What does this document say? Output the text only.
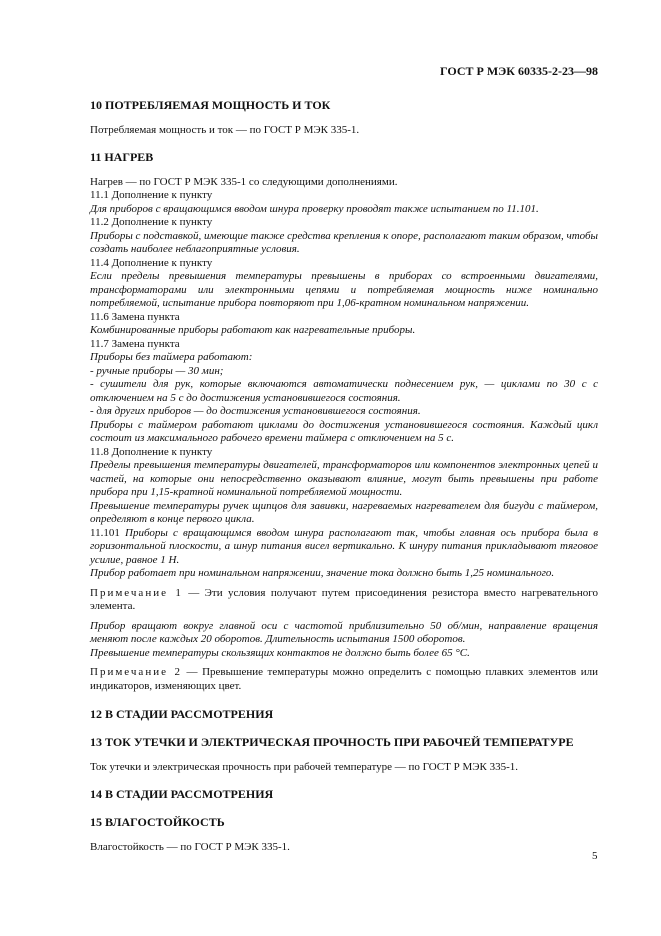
ГОСТ Р МЭК 60335-2-23—98
10 ПОТРЕБЛЯЕМАЯ МОЩНОСТЬ И ТОК

Потребляемая мощность и ток — по ГОСТ Р МЭК 335-1.

11 НАГРЕВ

Нагрев — по ГОСТ Р МЭК 335-1 со следующими дополнениями.

11.1 Дополнение к пункту

Для приборов с вращающимся вводом шнура проверку проводят также испытанием по 11.101.

11.2 Дополнение к пункту

Приборы с подставкой, имеющие также средства крепления к опоре, располагают таким образом, чтобы создать наиболее неблагоприятные условия.

11.4 Дополнение к пункту

Если пределы превышения температуры превышены в приборах со встроенными двигателями, трансформаторами или электронными цепями и потребляемая мощность ниже номинально потребляемой, испытание прибора повторяют при 1,06-кратном номинальном напряжении.

11.6 Замена пункта

Комбинированные приборы работают как нагревательные приборы.

11.7 Замена пункта

Приборы без таймера работают:

- ручные приборы — 30 мин;

- сушители для рук, которые включаются автоматически поднесением рук, — циклами по 30 с с отключением на 5 с до достижения установившегося состояния.

- для других приборов — до достижения установившегося состояния.

Приборы с таймером работают циклами до достижения установившегося состояния. Каждый цикл состоит из максимального рабочего времени таймера с отключением на 5 с.

11.8 Дополнение к пункту

Пределы превышения температуры двигателей, трансформаторов или компонентов электронных цепей и частей, на которые они непосредственно оказывают влияние, могут быть превышены при работе прибора при 1,15-кратной номинальной потребляемой мощности.

Превышение температуры ручек щипцов для завивки, нагреваемых нагревателем для бигуди с таймером, определяют в конце первого цикла.

11.101 Приборы с вращающимся вводом шнура располагают так, чтобы главная ось прибора была в горизонтальной плоскости, а шнур питания висел вертикально. К шнуру питания прикладывают тяговое усилие, равное 1 Н.

Прибор работает при номинальном напряжении, значение тока должно быть 1,25 номинального.

Примечание 1 — Эти условия получают путем присоединения резистора вместо нагревательного элемента.

Прибор вращают вокруг главной оси с частотой приблизительно 50 об/мин, направление вращения меняют после каждых 20 оборотов. Длительность испытания 1500 оборотов.

Превышение температуры скользящих контактов не должно быть более 65 °С.

Примечание 2 — Превышение температуры можно определить с помощью плавких элементов или индикаторов, изменяющих цвет.

12 В СТАДИИ РАССМОТРЕНИЯ
13 ТОК УТЕЧКИ И ЭЛЕКТРИЧЕСКАЯ ПРОЧНОСТЬ ПРИ РАБОЧЕЙ ТЕМПЕРАТУРЕ

Ток утечки и электрическая прочность при рабочей температуре — по ГОСТ Р МЭК 335-1.

14 В СТАДИИ РАССМОТРЕНИЯ
15 ВЛАГОСТОЙКОСТЬ

Влагостойкость — по ГОСТ Р МЭК 335-1.

5
